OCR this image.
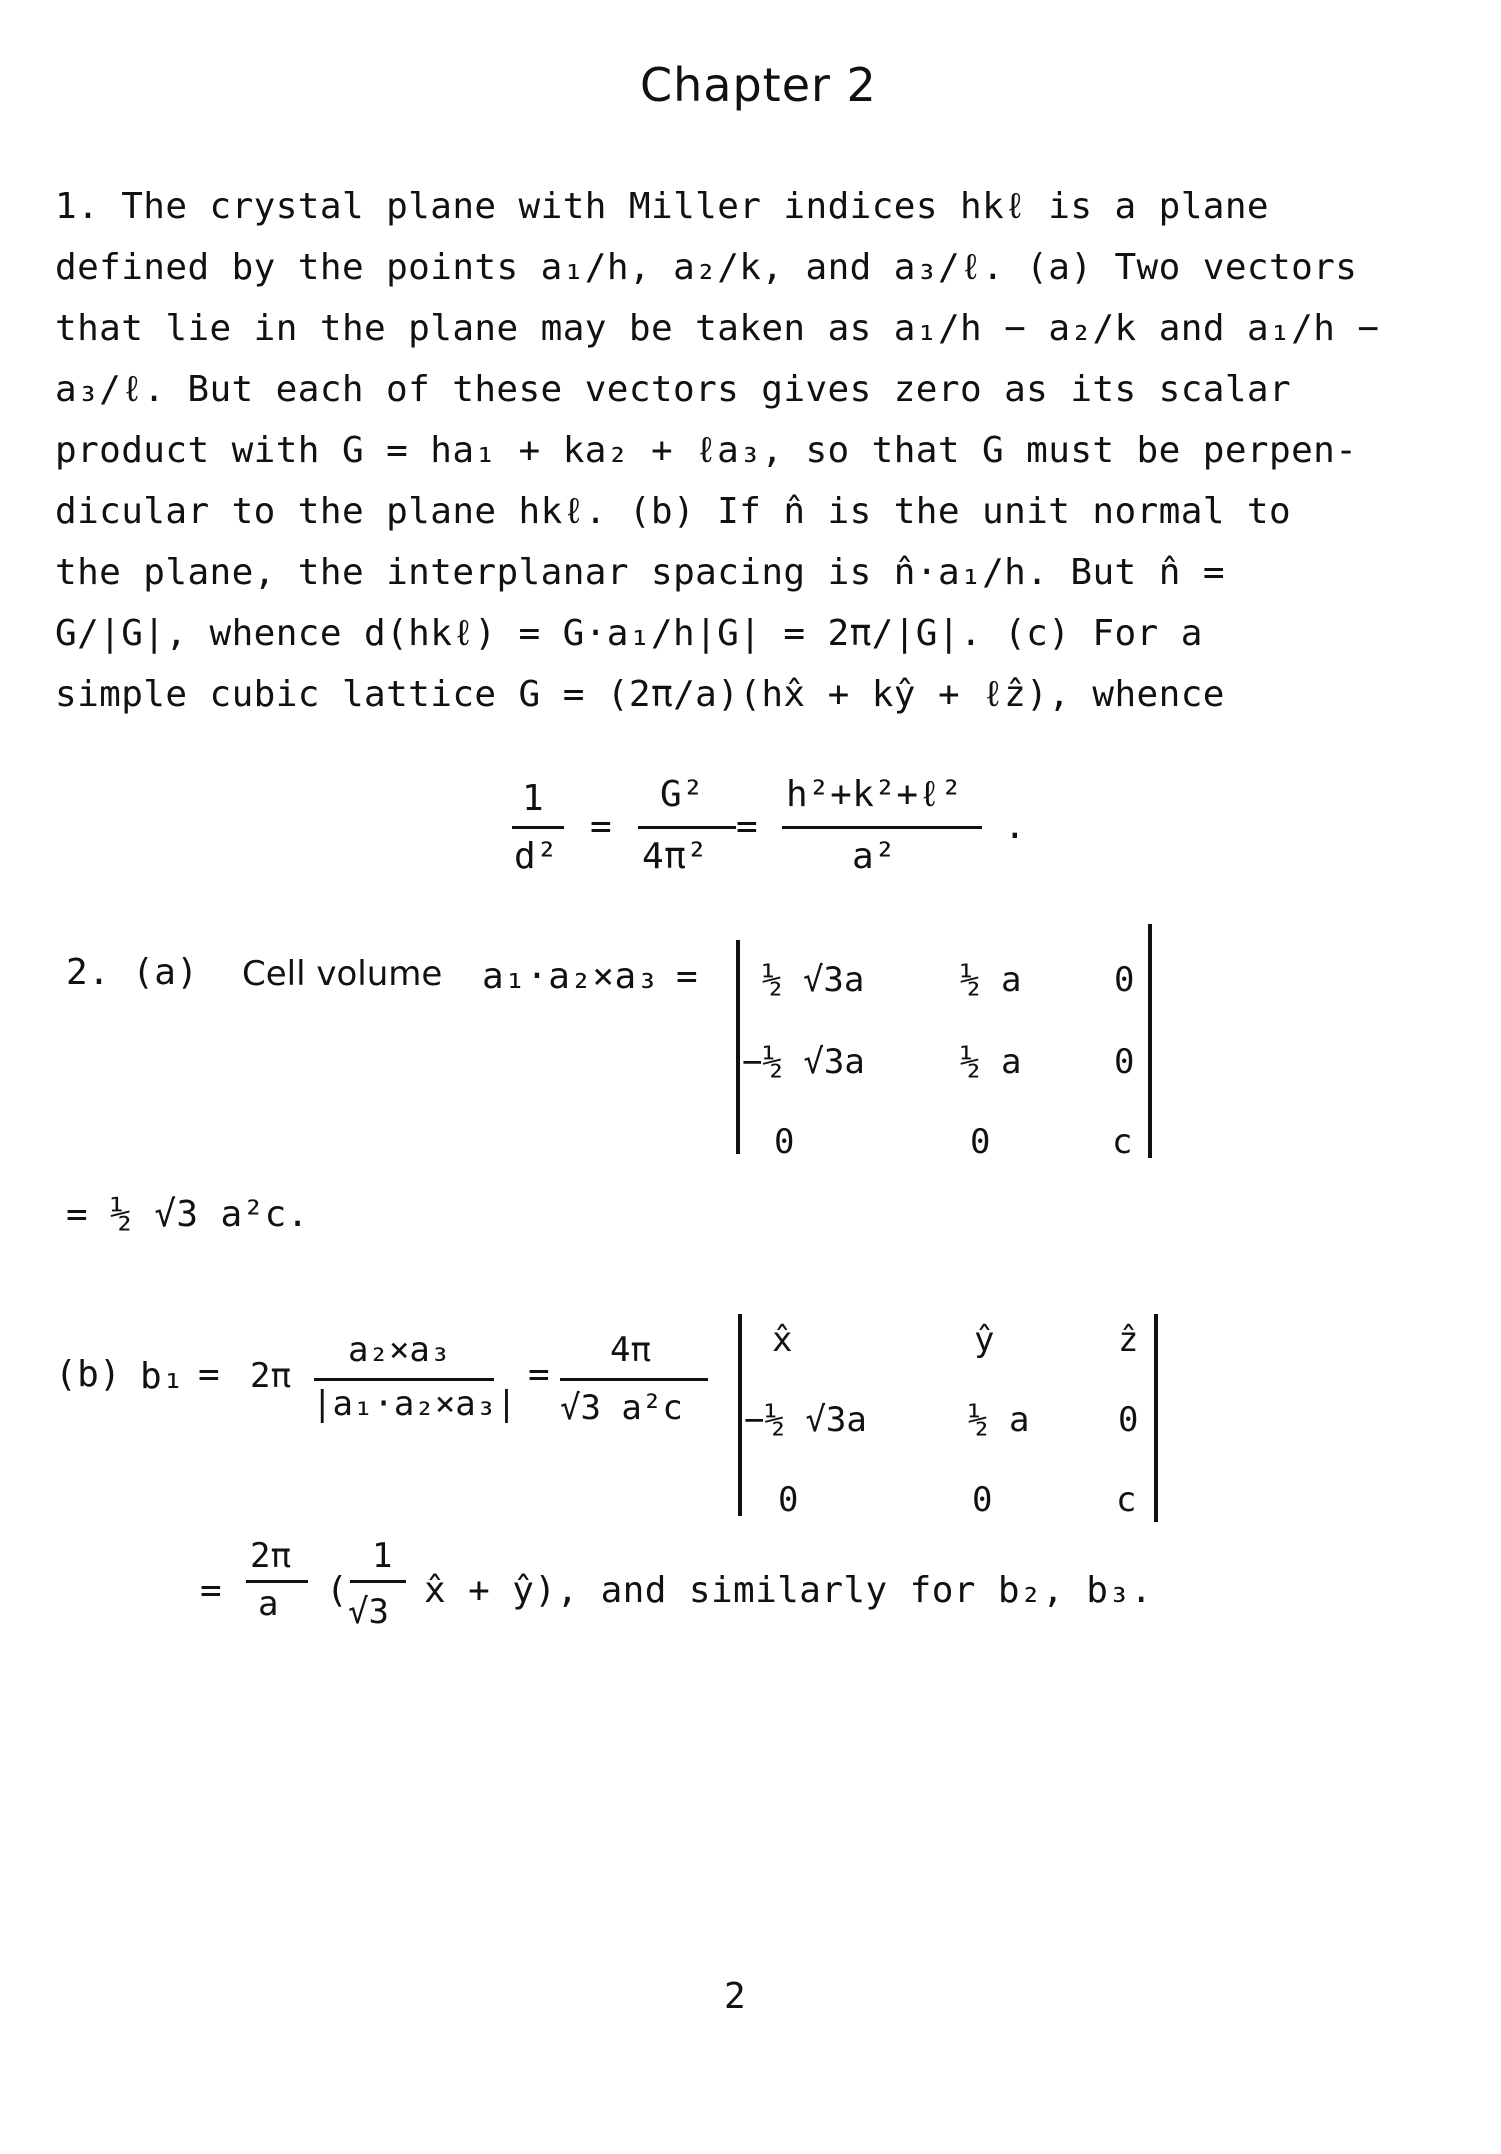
Chapter 2
1. The crystal plane with Miller indices hkℓ is a plane
defined by the points a₁/h, a₂/k, and a₃/ℓ. (a) Two vectors
that lie in the plane may be taken as a₁/h − a₂/k and a₁/h −
a₃/ℓ. But each of these vectors gives zero as its scalar
product with G = ha₁ + ka₂ + ℓa₃, so that G must be perpen-
dicular to the plane hkℓ. (b) If n̂ is the unit normal to
the plane, the interplanar spacing is n̂·a₁/h. But n̂ =
G/|G|, whence d(hkℓ) = G·a₁/h|G| = 2π/|G|. (c) For a
simple cubic lattice G = (2π/a)(hx̂ + kŷ + ℓẑ), whence
1
d²
=
G²
4π²
=
h²+k²+ℓ²
a²
.
2. (a) Cell volume a₁·a₂×a₃ = ½ √3a	½ a	0
−½ √3a	½ a	0
0	0	c
= ½ √3 a²c.
(b) b₁ = 2π
a₂×a₃
|a₁·a₂×a₃|
=
4π
√3 a²c
x̂	ŷ	ẑ
−½ √3a	½ a	0
0	0	c
=
2π
a (
1
√3
x̂ + ŷ), and similarly for b₂, b₃.
2
